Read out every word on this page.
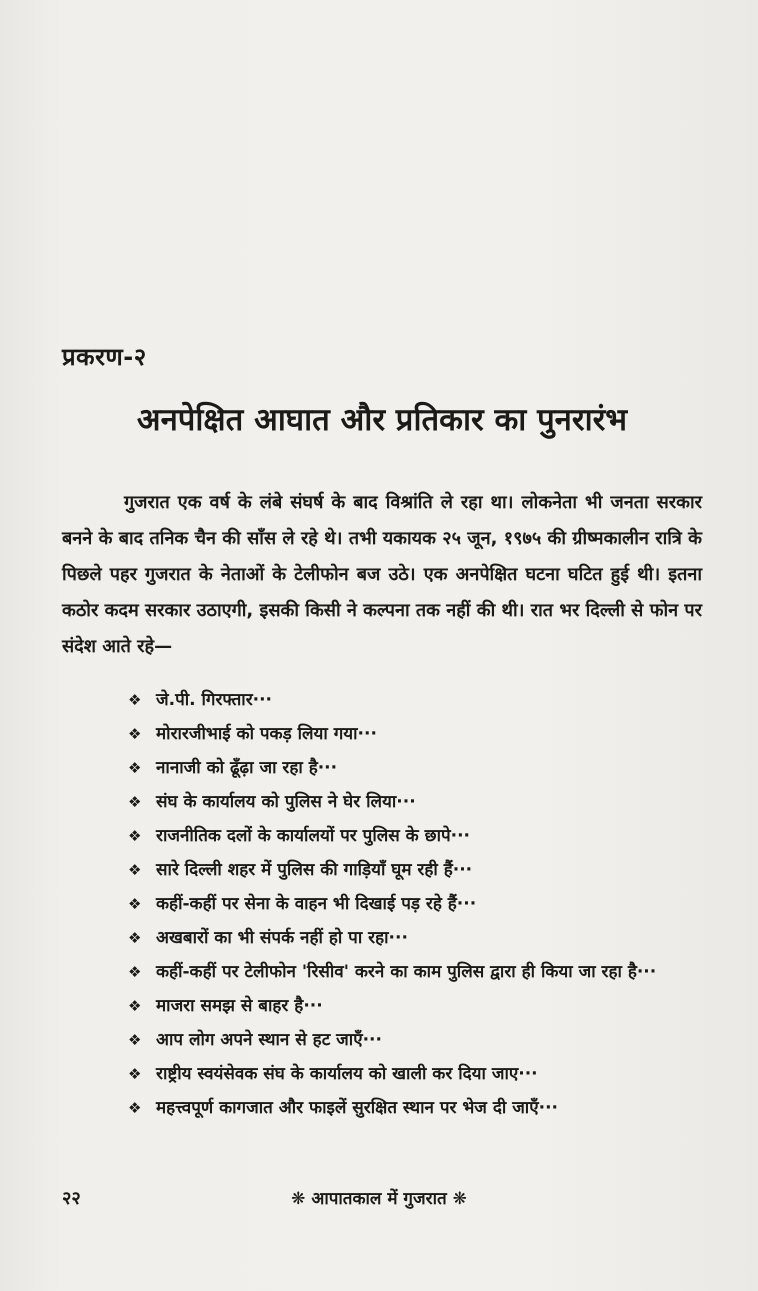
प्रकरण-२
अनपेक्षित आघात और प्रतिकार का पुनरारंभ
गुजरात एक वर्ष के लंबे संघर्ष के बाद विश्रांति ले रहा था। लोकनेता भी जनता सरकार बनने के बाद तनिक चैन की साँस ले रहे थे। तभी यकायक २५ जून, १९७५ की ग्रीष्मकालीन रात्रि के पिछले पहर गुजरात के नेताओं के टेलीफोन बज उठे। एक अनपेक्षित घटना घटित हुई थी। इतना कठोर कदम सरकार उठाएगी, इसकी किसी ने कल्पना तक नहीं की थी। रात भर दिल्ली से फोन पर संदेश आते रहे—
❖ जे.पी. गिरफ्तार···
❖ मोरारजीभाई को पकड़ लिया गया···
❖ नानाजी को ढूँढ़ा जा रहा है···
❖ संघ के कार्यालय को पुलिस ने घेर लिया···
❖ राजनीतिक दलों के कार्यालयों पर पुलिस के छापे···
❖ सारे दिल्ली शहर में पुलिस की गाड़ियाँ घूम रही हैं···
❖ कहीं-कहीं पर सेना के वाहन भी दिखाई पड़ रहे हैं···
❖ अखबारों का भी संपर्क नहीं हो पा रहा···
❖ कहीं-कहीं पर टेलीफोन 'रिसीव' करने का काम पुलिस द्वारा ही किया जा रहा है···
❖ माजरा समझ से बाहर है···
❖ आप लोग अपने स्थान से हट जाएँ···
❖ राष्ट्रीय स्वयंसेवक संघ के कार्यालय को खाली कर दिया जाए···
❖ महत्त्वपूर्ण कागजात और फाइलें सुरक्षित स्थान पर भेज दी जाएँ···
❋ आपातकाल में गुजरात ❋
२२
